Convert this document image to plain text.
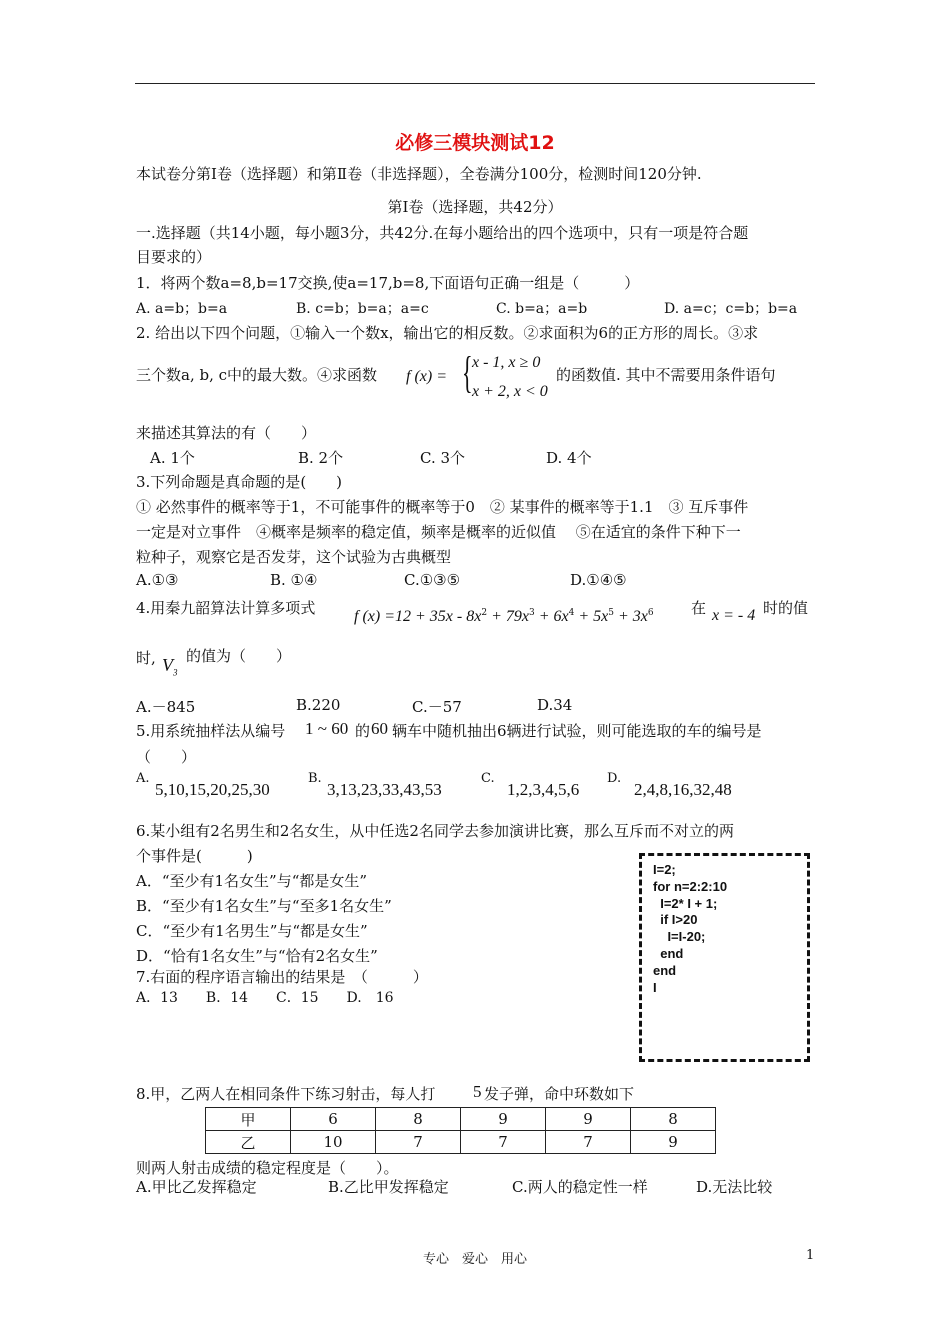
必修三模块测试12
本试卷分第Ⅰ卷（选择题）和第Ⅱ卷（非选择题），全卷满分100分，检测时间120分钟.
第Ⅰ卷（选择题，共42分）
一.选择题（共14小题，每小题3分，共42分.在每小题给出的四个选项中，只有一项是符合题
目要求的）
1．将两个数a=8,b=17交换,使a=17,b=8,下面语句正确一组是（　　　）
A. a=b；b=a	B. c=b；b=a；a=c	C. b=a；a=b	D. a=c；c=b；b=a
2. 给出以下四个问题，①输入一个数x，输出它的相反数。②求面积为6的正方形的周长。③求
三个数a, b, c中的最大数。④求函数 f (x) = { x - 1, x ≥ 0
x + 2, x < 0
的函数值. 其中不需要用条件语句
来描述其算法的有（　　）
A. 1个	B. 2个	C. 3个	D. 4个
3.下列命题是真命题的是(　　)
① 必然事件的概率等于1，不可能事件的概率等于0　② 某事件的概率等于1.1　③ 互斥事件
一定是对立事件　④概率是频率的稳定值，频率是概率的近似值　 ⑤在适宜的条件下种下一
粒种子，观察它是否发芽，这个试验为古典概型
A.①③	B. ①④	C.①③⑤	D.①④⑤
4.用秦九韶算法计算多项式 f $(x) =12 + 35x - 8x^2 + 79x^3 + 6x^4 + 5x^5 + 3x^6$ 在 x = - 4 时的值
时, $V_3$
的值为（　　）
A.－845	B.220	C.－57	D.34
5.用系统抽样法从编号 1 ~ 60 的 60 辆车中随机抽出6辆进行试验，则可能选取的车的编号是
（　　）
A.
5,10,15,20,25,30
B.
3,13,23,33,43,53
C.
1,2,3,4,5,6
D.
2,4,8,16,32,48
6.某小组有2名男生和2名女生，从中任选2名同学去参加演讲比赛，那么互斥而不对立的两
个事件是(　　　)
A．“至少有1名女生”与“都是女生”
B．“至少有1名女生”与“至多1名女生”
C．“至少有1名男生”与“都是女生”
D．“恰有1名女生”与“恰有2名女生”
7.右面的程序语言输出的结果是　（　　　）
A．13　　B．14　　C．15　　D.　16
I=2;
for n=2:2:10
I=2* I + 1;
if I>20
I=I-20;
end
end
I
8.甲，乙两人在相同条件下练习射击，每人打 5 发子弹，命中环数如下
甲	6	8	9	9	8
乙	10	7	7	7	9
则两人射击成绩的稳定程度是（　　）。
A.甲比乙发挥稳定	B.乙比甲发挥稳定	C.两人的稳定性一样	D.无法比较
专心　爱心　用心	1
